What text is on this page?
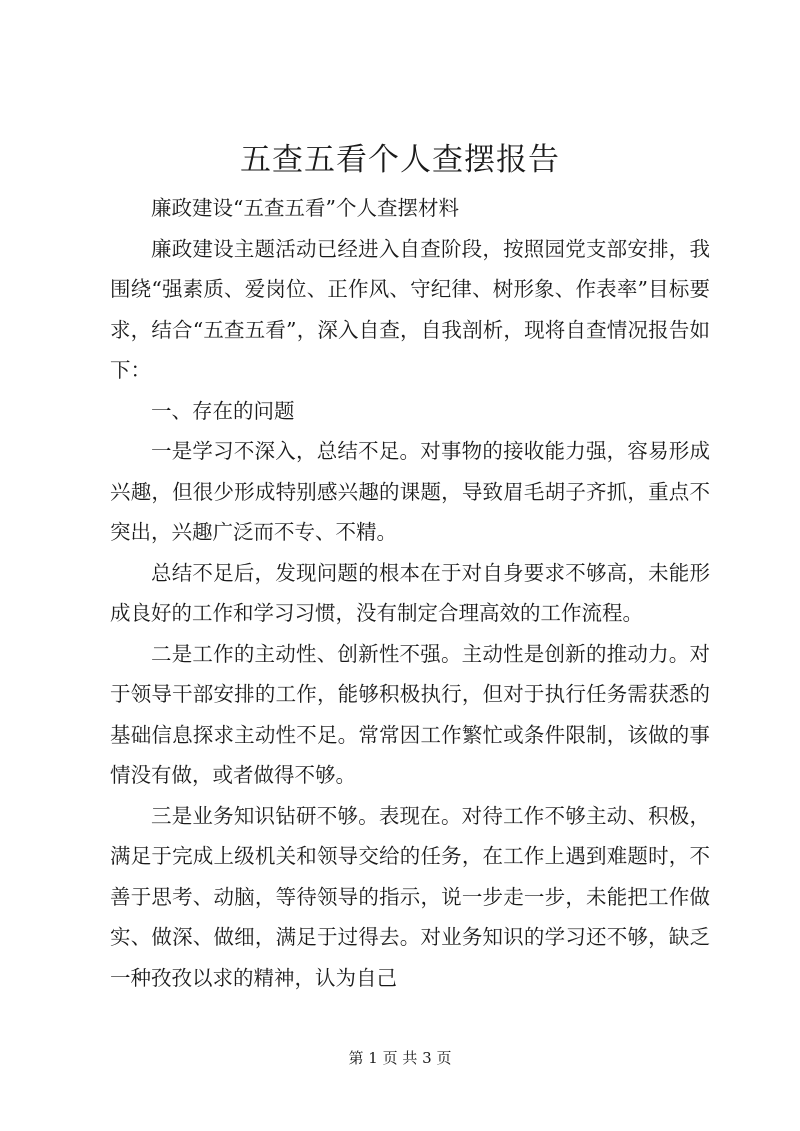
五查五看个人查摆报告

廉政建设“五查五看”个人查摆材料

廉政建设主题活动已经进入自查阶段，按照园党支部安排，我围绕“强素质、爱岗位、正作风、守纪律、树形象、作表率”目标要求，结合“五查五看”，深入自查，自我剖析，现将自查情况报告如下：

一、存在的问题

一是学习不深入，总结不足。对事物的接收能力强，容易形成兴趣，但很少形成特别感兴趣的课题，导致眉毛胡子齐抓，重点不突出，兴趣广泛而不专、不精。

总结不足后，发现问题的根本在于对自身要求不够高，未能形成良好的工作和学习习惯，没有制定合理高效的工作流程。

二是工作的主动性、创新性不强。主动性是创新的推动力。对于领导干部安排的工作，能够积极执行，但对于执行任务需获悉的基础信息探求主动性不足。常常因工作繁忙或条件限制，该做的事情没有做，或者做得不够。

三是业务知识钻研不够。表现在。对待工作不够主动、积极，满足于完成上级机关和领导交给的任务，在工作上遇到难题时，不善于思考、动脑，等待领导的指示，说一步走一步，未能把工作做实、做深、做细，满足于过得去。对业务知识的学习还不够，缺乏一种孜孜以求的精神，认为自己

第 1 页 共 3 页
